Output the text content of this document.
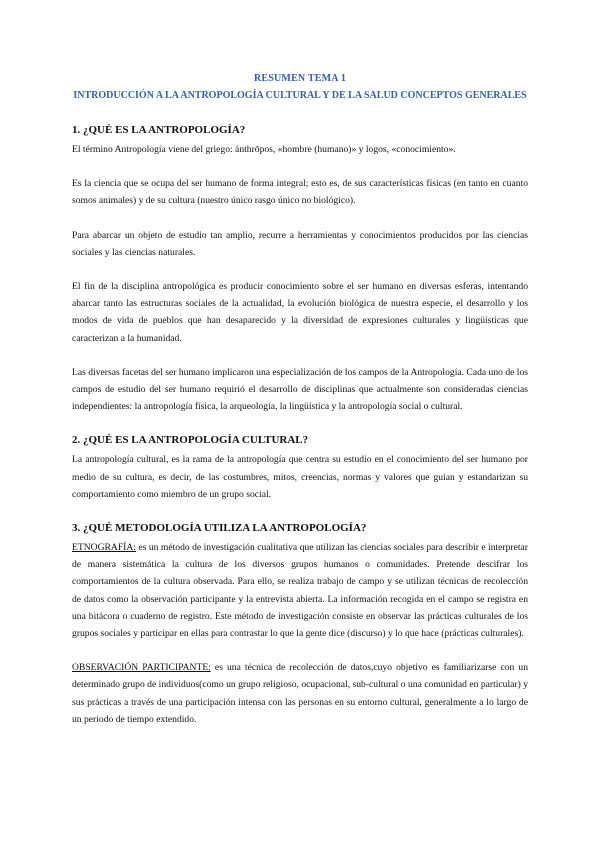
RESUMEN TEMA 1

INTRODUCCIÓN A LA ANTROPOLOGÍA CULTURAL Y DE LA SALUD CONCEPTOS GENERALES

1. ¿QUÉ ES LA ANTROPOLOGÍA?

El término Antropología viene del griego: ánthrōpos, «hombre (humano)» y logos, «conocimiento».

Es la ciencia que se ocupa del ser humano de forma integral; esto es, de sus características físicas (en tanto en cuanto somos animales) y de su cultura (nuestro único rasgo único no biológico).

Para abarcar un objeto de estudio tan amplio, recurre a herramientas y conocimientos producidos por las ciencias sociales y las ciencias naturales.

El fin de la disciplina antropológica es producir conocimiento sobre el ser humano en diversas esferas, intentando abarcar tanto las estructuras sociales de la actualidad, la evolución biológica de nuestra especie, el desarrollo y los modos de vida de pueblos que han desaparecido y la diversidad de expresiones culturales y lingüísticas que caracterizan a la humanidad.

Las diversas facetas del ser humano implicaron una especialización de los campos de la Antropología. Cada uno de los campos de estudio del ser humano requirió el desarrollo de disciplinas que actualmente son consideradas ciencias independientes: la antropología física, la arqueología, la lingüística y la antropología social o cultural.

2. ¿QUÉ ES LA ANTROPOLOGÍA CULTURAL?

La antropología cultural, es la rama de la antropología que centra su estudio en el conocimiento del ser humano por medio de su cultura, es decir, de las costumbres, mitos, creencias, normas y valores que guían y estandarizan su comportamiento como miembro de un grupo social.

3. ¿QUÉ METODOLOGÍA UTILIZA LA ANTROPOLOGÍA?

ETNOGRAFÍA: es un método de investigación cualitativa que utilizan las ciencias sociales para describir e interpretar de manera sistemática la cultura de los diversos grupos humanos o comunidades. Pretende descifrar los comportamientos de la cultura observada. Para ello, se realiza trabajo de campo y se utilizan técnicas de recolección de datos como la observación participante y la entrevista abierta. La información recogida en el campo se registra en una bitácora o cuaderno de registro. Este método de investigación consiste en observar las prácticas culturales de los grupos sociales y participar en ellas para contrastar lo que la gente dice (discurso) y lo que hace (prácticas culturales).

OBSERVACIÓN PARTICIPANTE: es una técnica de recolección de datos,cuyo objetivo es familiarizarse con un determinado grupo de individuos(como un grupo religioso, ocupacional, sub-cultural o una comunidad en particular) y sus prácticas a través de una participación intensa con las personas en su entorno cultural, generalmente a lo largo de un periodo de tiempo extendido.
